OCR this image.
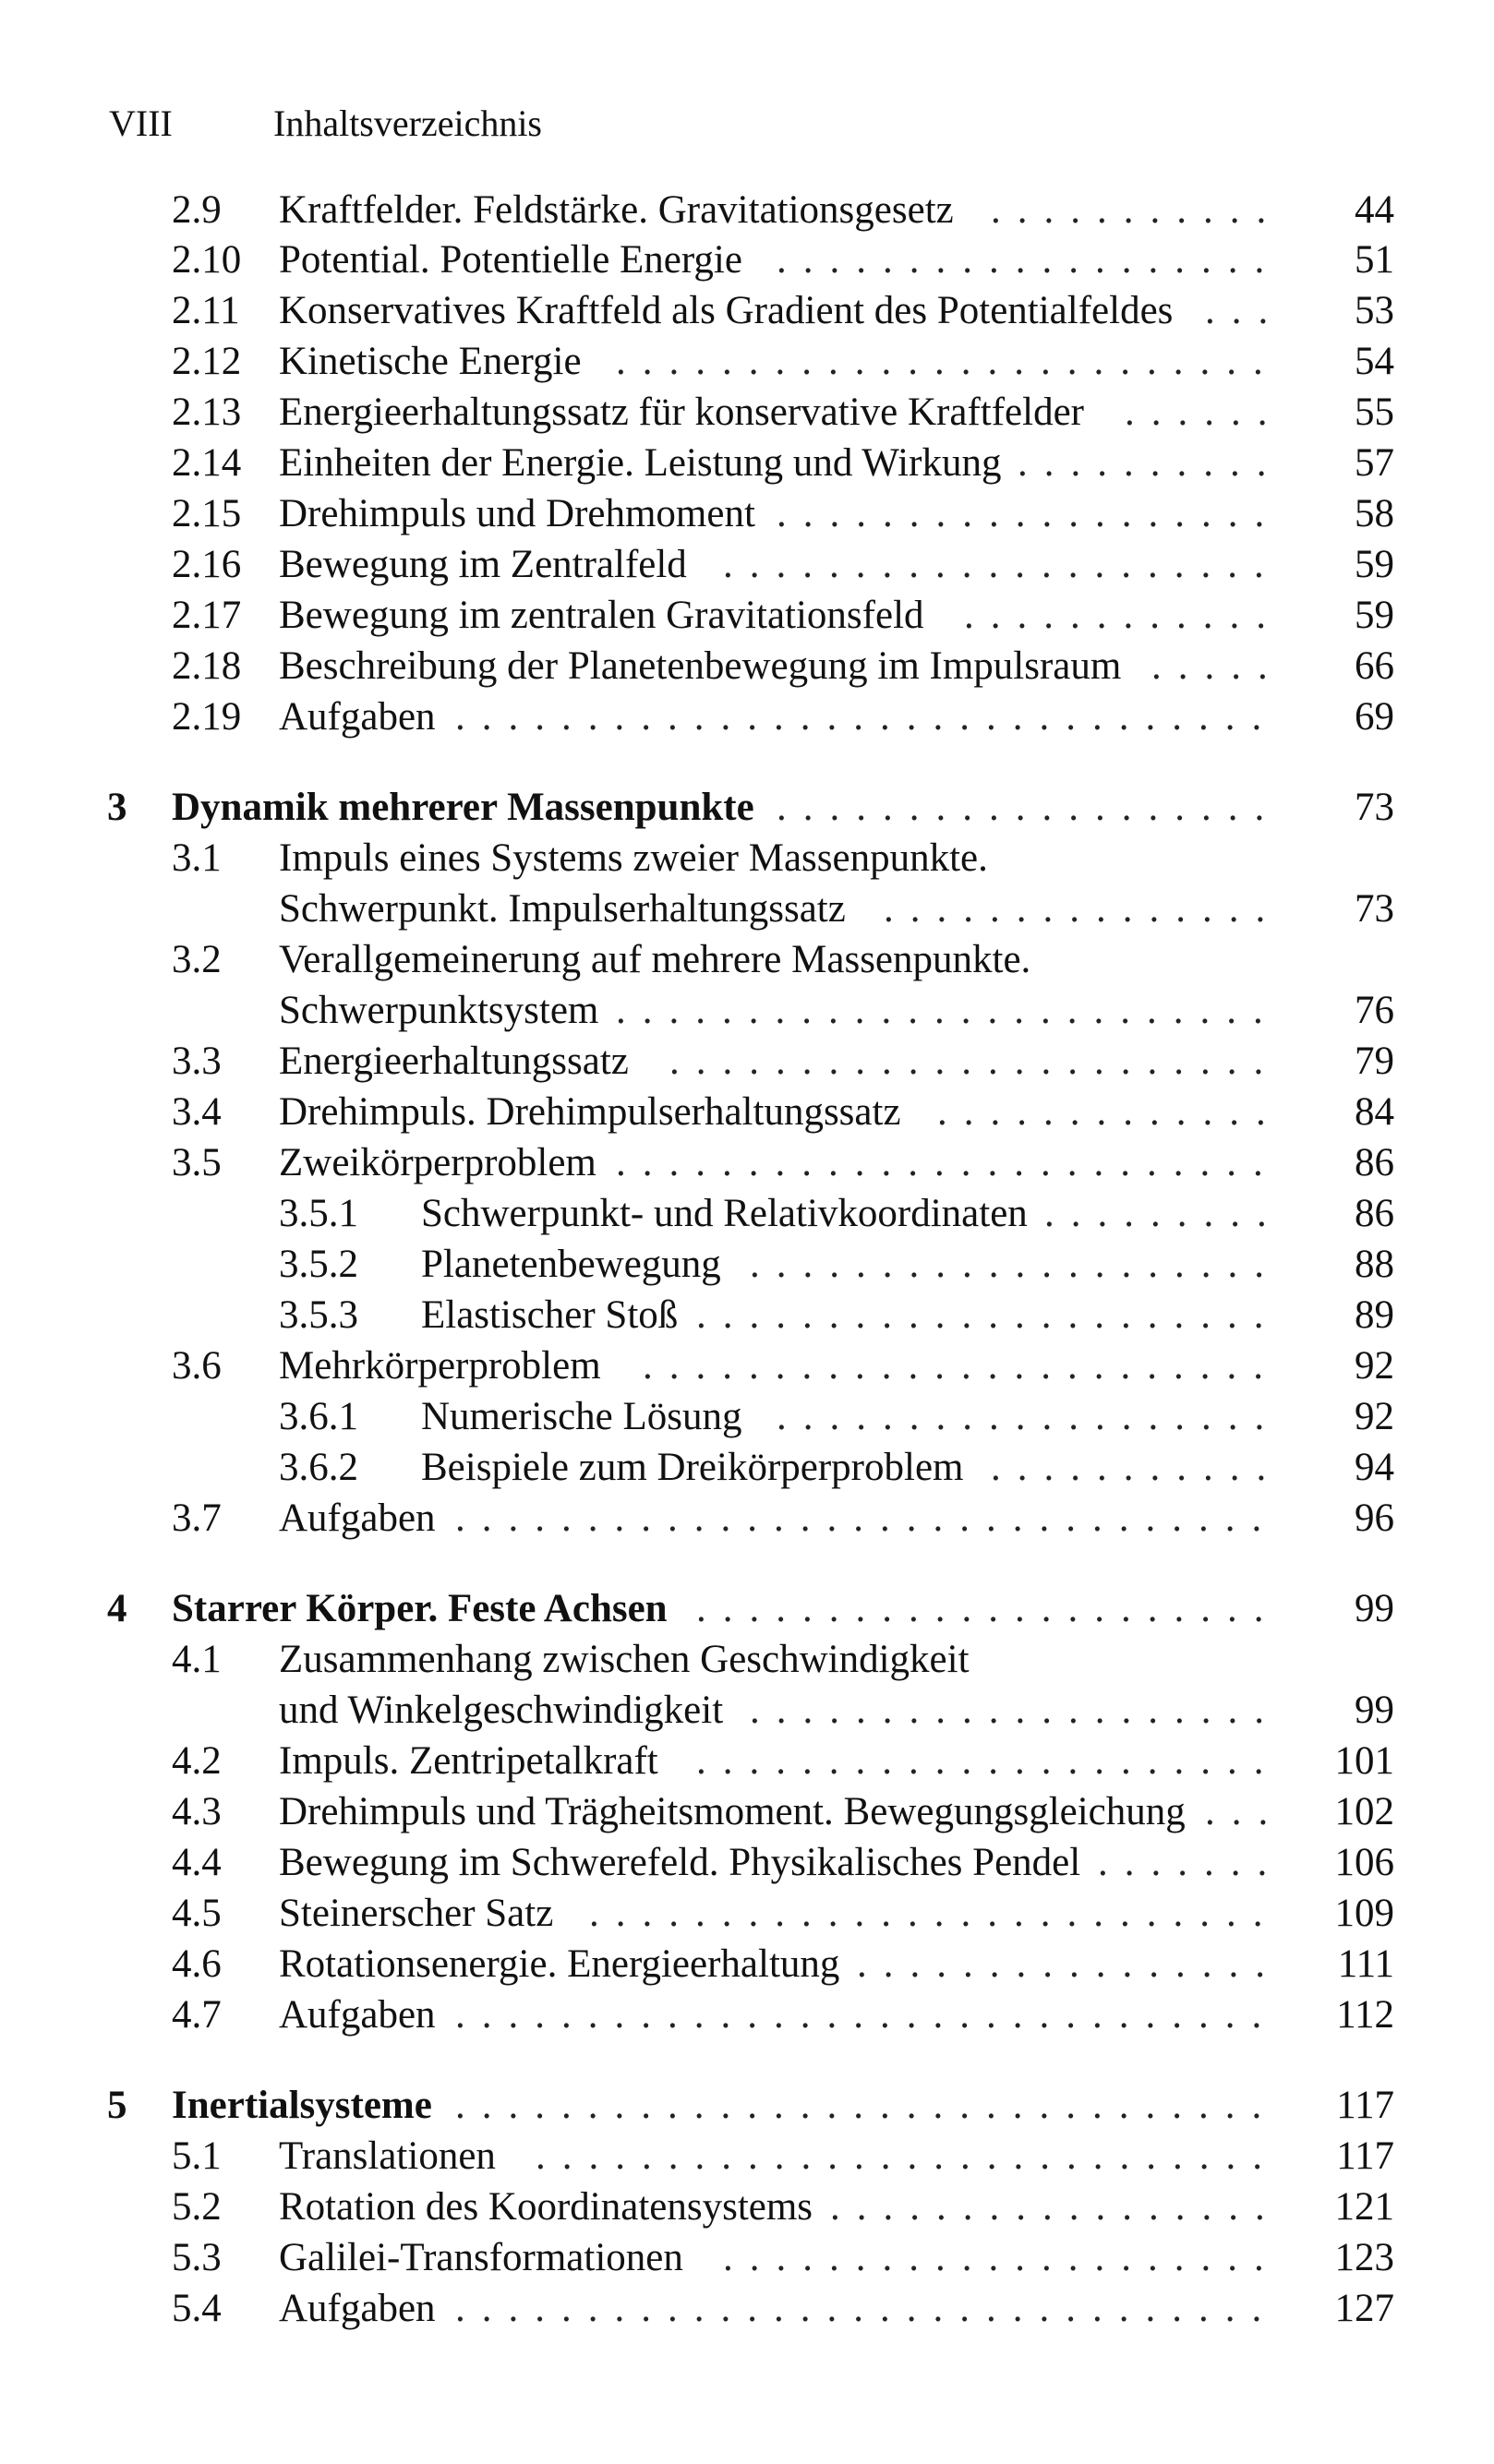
VIII	Inhaltsverzeichnis
2.9 Kraftfelder. Feldstärke. Gravitationsgesetz	44
...........
2.10 Potential. Potentielle Energie	51
...................
2.11 Konservatives Kraftfeld als Gradient des Potentialfeldes	53
...
2.12 Kinetische Energie	54
.........................
2.13 Energieerhaltungssatz für konservative Kraftfelder	55
......
2.14 Einheiten der Energie. Leistung und Wirkung	57
..........
2.15 Drehimpuls und Drehmoment	58
...................
2.16 Bewegung im Zentralfeld	59
.....................
2.17 Bewegung im zentralen Gravitationsfeld	59
............
2.18 Beschreibung der Planetenbewegung im Impulsraum	66
.....
2.19 Aufgaben	69
...............................
3 Dynamik mehrerer Massenpunkte	73
...................
3.1 Impuls eines Systems zweier Massenpunkte.
Schwerpunkt. Impulserhaltungssatz	73
...............
3.2 Verallgemeinerung auf mehrere Massenpunkte.
Schwerpunktsystem	76
.........................
3.3 Energieerhaltungssatz	79
.......................
3.4 Drehimpuls. Drehimpulserhaltungssatz	84
.............
3.5 Zweikörperproblem	86
.........................
3.5.1 Schwerpunkt- und Relativkoordinaten	86
.........
3.5.2 Planetenbewegung	88
....................
3.5.3 Elastischer Stoß	89
......................
3.6 Mehrkörperproblem	92
........................
3.6.1 Numerische Lösung	92
...................
3.6.2 Beispiele zum Dreikörperproblem	94
...........
3.7 Aufgaben	96
...............................
4 Starrer Körper. Feste Achsen	99
......................
4.1 Zusammenhang zwischen Geschwindigkeit
und Winkelgeschwindigkeit	99
....................
4.2 Impuls. Zentripetalkraft	101
......................
4.3 Drehimpuls und Trägheitsmoment. Bewegungsgleichung	102
...
4.4 Bewegung im Schwerefeld. Physikalisches Pendel	106
.......
4.5 Steinerscher Satz	109
..........................
4.6 Rotationsenergie. Energieerhaltung	111
................
4.7 Aufgaben	112
...............................
5 Inertialsysteme	117
...............................
5.1 Translationen	117
............................
5.2 Rotation des Koordinatensystems	121
.................
5.3 Galilei-Transformationen	123
.....................
5.4 Aufgaben	127
...............................
